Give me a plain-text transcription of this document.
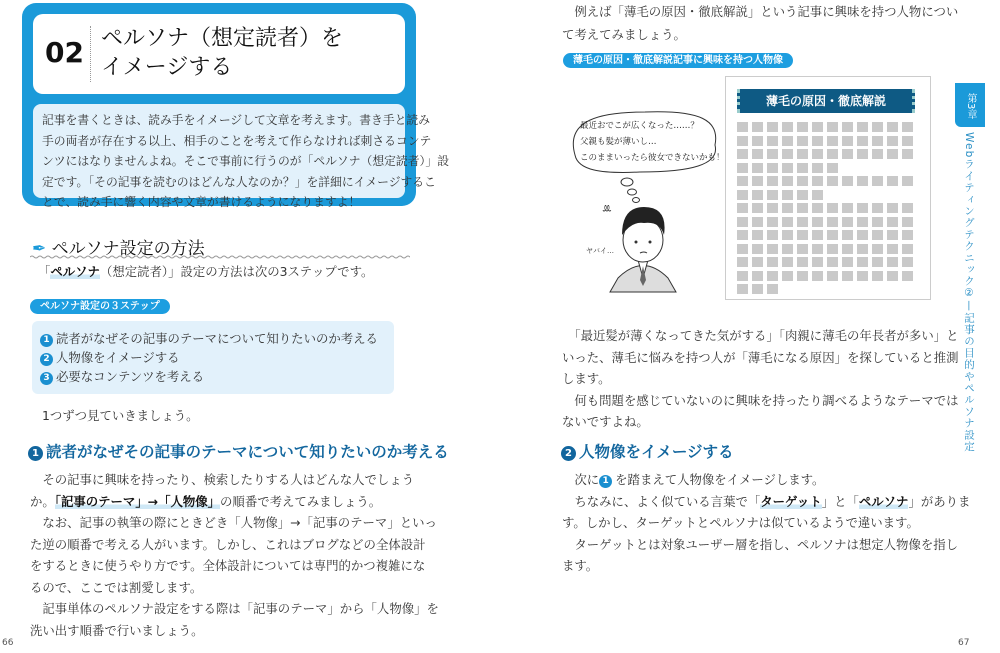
02 ペルソナ（想定読者）を
イメージする
✒ ペルソナ設定の方法
ペルソナ設定の３ステップ
1つずつ見ていきましょう。
1 読者がなぜその記事のテーマについて知りたいのか考える
66
薄毛の原因・徹底解説記事に興味を持つ人物像
ꔛ
最近おでこが広くなった……？
父親も髪が薄いし…
このままいったら彼女できないかも！
ヤバイ…
薄毛の原因・徹底解説
2 人物像をイメージする
第3章
Webライティングテクニック②—記事の目的やペルソナ設定
67
記事を書くときは、読み手をイメージして文章を考えます。書き手と読み
手の両者が存在する以上、相手のことを考えて作らなければ刺さるコンテ
ンツにはなりませんよね。そこで事前に行うのが「ペルソナ（想定読者）」設
定です。「その記事を読むのはどんな人なのか？」を詳細にイメージするこ
とで、読み手に響く内容や文章が書けるようになりますよ！
「ペルソナ（想定読者）」設定の方法は次の3ステップです。
1 読者がなぜその記事のテーマについて知りたいのか考える
2 人物像をイメージする
3 必要なコンテンツを考える
　その記事に興味を持ったり、検索したりする人はどんな人でしょう
か。「記事のテーマ」→「人物像」の順番で考えてみましょう。
　なお、記事の執筆の際にときどき「人物像」→「記事のテーマ」といっ
た逆の順番で考える人がいます。しかし、これはブログなどの全体設計
をするときに使うやり方です。全体設計については専門的かつ複雑にな
るので、ここでは割愛します。
　記事単体のペルソナ設定をする際は「記事のテーマ」から「人物像」を
洗い出す順番で行いましょう。
　例えば「薄毛の原因・徹底解説」という記事に興味を持つ人物につい
て考えてみましょう。
　「最近髪が薄くなってきた気がする」「肉親に薄毛の年長者が多い」と
いった、薄毛に悩みを持つ人が「薄毛になる原因」を探していると推測
します。
　何も問題を感じていないのに興味を持ったり調べるようなテーマでは
ないですよね。
　次に 1 を踏まえて人物像をイメージします。
　ちなみに、よく似ている言葉で「ターゲット」と「ペルソナ」がありま
す。しかし、ターゲットとペルソナは似ているようで違います。
　ターゲットとは対象ユーザー層を指し、ペルソナは想定人物像を指し
ます。
